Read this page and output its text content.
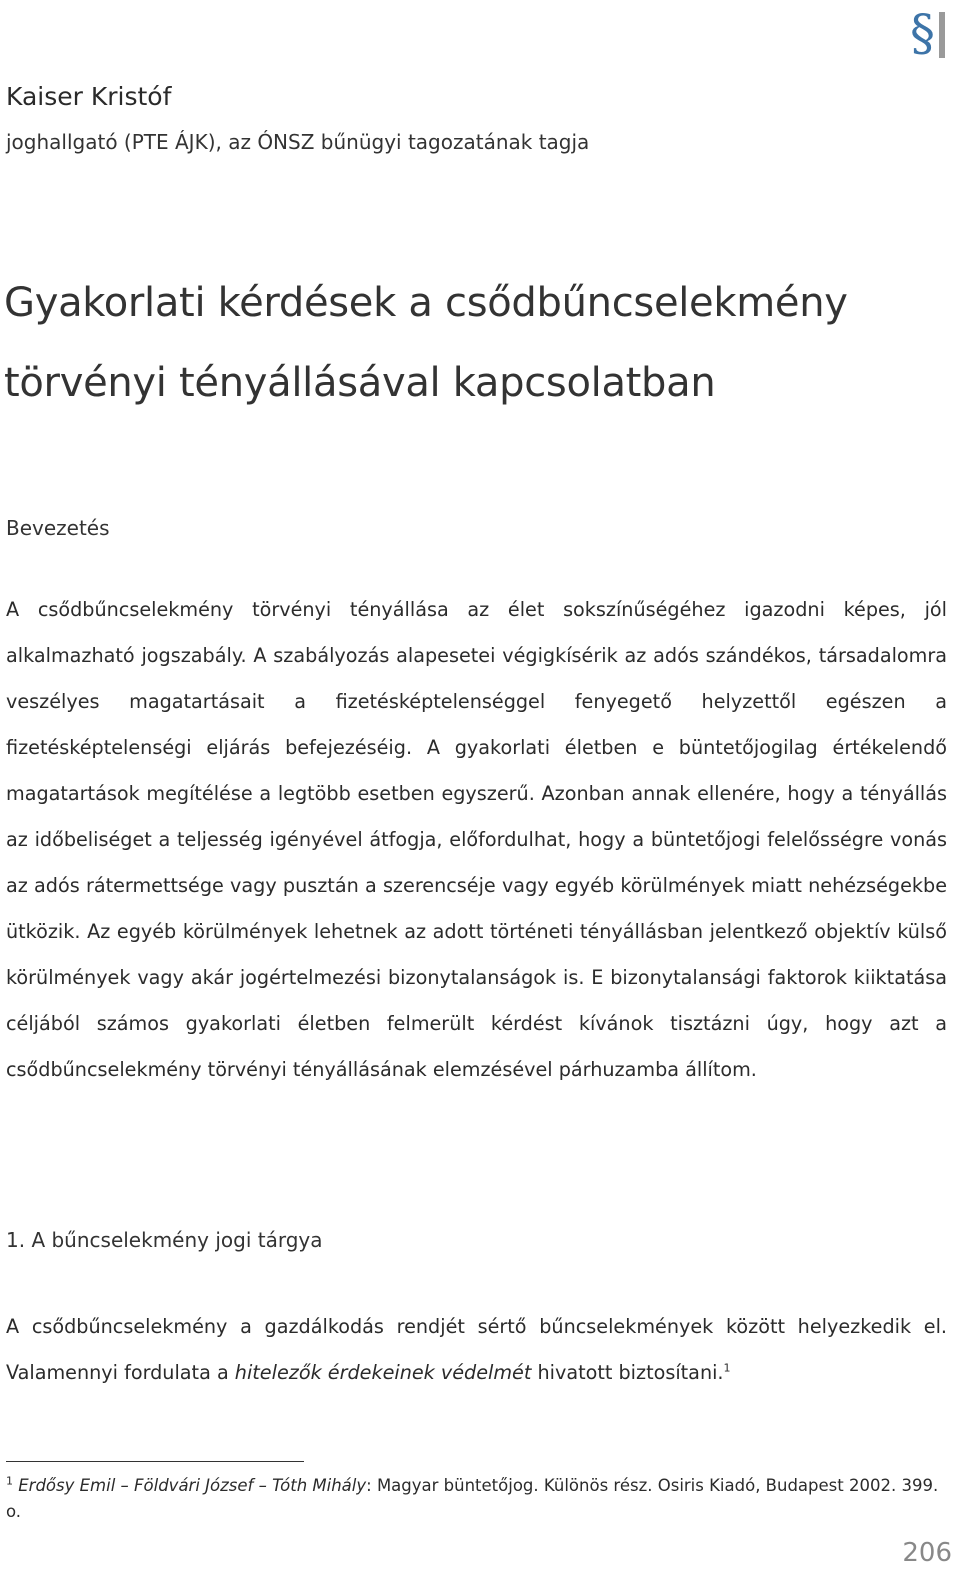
§
Kaiser Kristóf
joghallgató (PTE ÁJK), az ÓNSZ bűnügyi tagozatának tagja
Gyakorlati kérdések a csődbűncselekmény
törvényi tényállásával kapcsolatban
Bevezetés

A csődbűncselekmény törvényi tényállása az élet sokszínűségéhez igazodni képes, jól alkalmazható jogszabály. A szabályozás alapesetei végigkísérik az adós szándékos, társadalomra veszélyes magatartásait a fizetésképtelenséggel fenyegető helyzettől egészen a fizetésképtelenségi eljárás befejezéséig. A gyakorlati életben e büntetőjogilag értékelendő magatartások megítélése a legtöbb esetben egyszerű. Azonban annak ellenére, hogy a tényállás az időbeliséget a teljesség igényével átfogja, előfordulhat, hogy a büntetőjogi felelősségre vonás az adós rátermettsége vagy pusztán a szerencséje vagy egyéb körülmények miatt nehézségekbe ütközik. Az egyéb körülmények lehetnek az adott történeti tényállásban jelentkező objektív külső körülmények vagy akár jogértelmezési bizonytalanságok is. E bizonytalansági faktorok kiiktatása céljából számos gyakorlati életben felmerült kérdést kívánok tisztázni úgy, hogy azt a csődbűncselekmény törvényi tényállásának elemzésével párhuzamba állítom.

1. A bűncselekmény jogi tárgya

A csődbűncselekmény a gazdálkodás rendjét sértő bűncselekmények között helyezkedik el. Valamennyi fordulata a hitelezők érdekeinek védelmét hivatott biztosítani.$^1$

$^1$ Erdősy Emil – Földvári József – Tóth Mihály: Magyar büntetőjog. Különös rész. Osiris Kiadó, Budapest 2002. 399. o.

206
